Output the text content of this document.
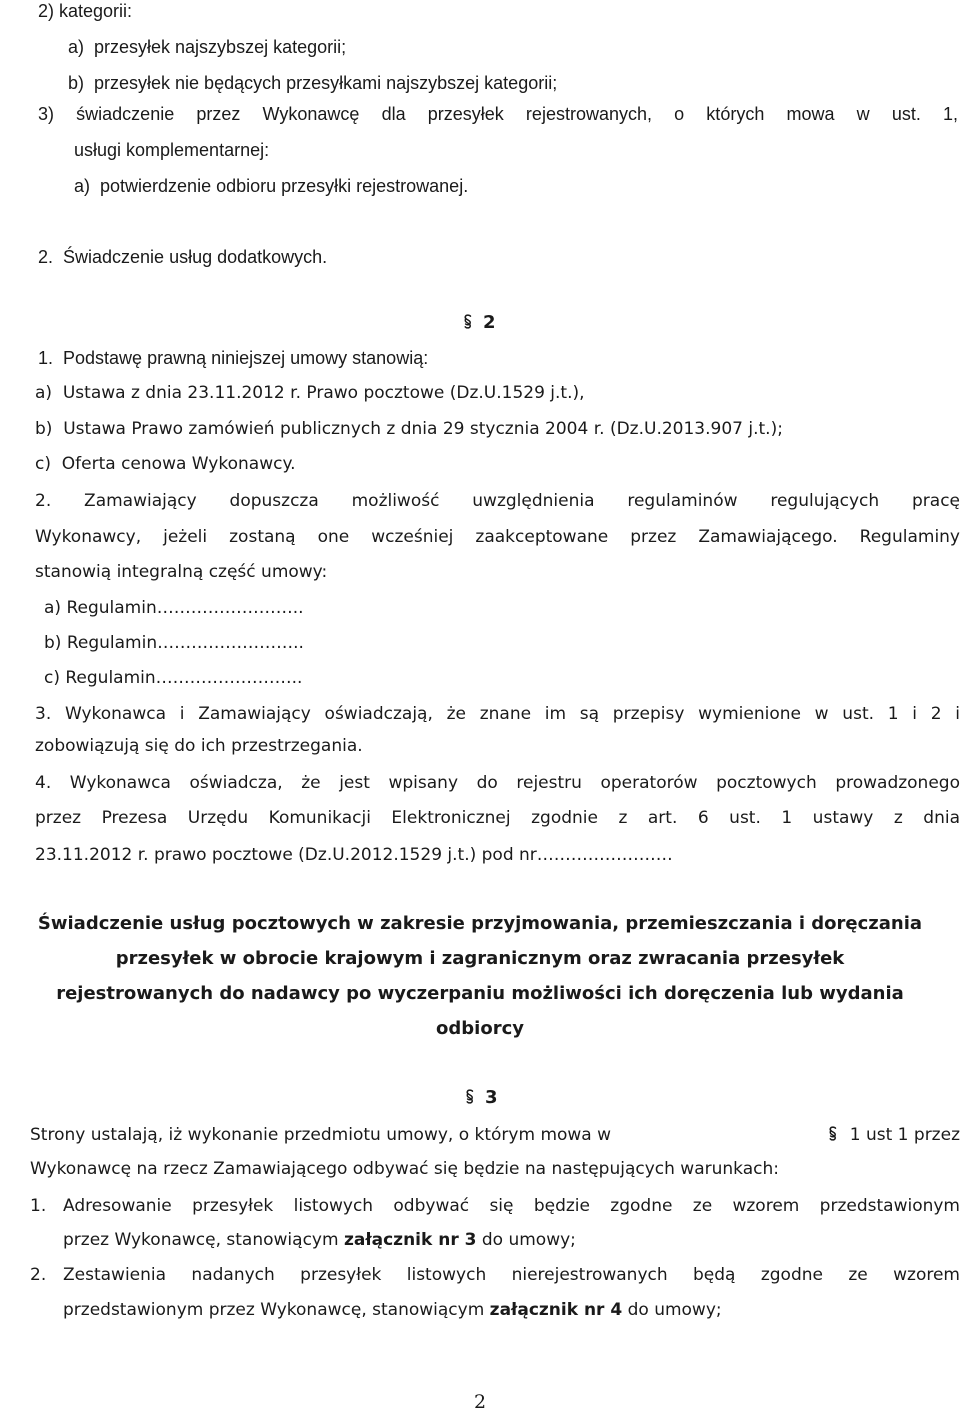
2) kategorii:
a)  przesyłek najszybszej kategorii;
b)  przesyłek nie będących przesyłkami najszybszej kategorii;
3) świadczenie przez Wykonawcę dla przesyłek rejestrowanych, o których mowa w ust. 1,
usługi komplementarnej:
a)  potwierdzenie odbioru przesyłki rejestrowanej.
2.  Świadczenie usług dodatkowych.
2
1.  Podstawę prawną niniejszej umowy stanowią:
a)  Ustawa z dnia 23.11.2012 r. Prawo pocztowe (Dz.U.1529 j.t.),
b)  Ustawa Prawo zamówień publicznych z dnia 29 stycznia 2004 r. (Dz.U.2013.907 j.t.);
c)  Oferta cenowa Wykonawcy.
2. Zamawiający dopuszcza możliwość uwzględnienia regulaminów regulujących pracę
Wykonawcy, jeżeli zostaną one wcześniej zaakceptowane przez Zamawiającego. Regulaminy
stanowią integralną część umowy:
a) Regulamin……………………..
b) Regulamin……………………..
c) Regulamin……………………..
3. Wykonawca i Zamawiający oświadczają, że znane im są przepisy wymienione w ust. 1 i 2 i
zobowiązują się do ich przestrzegania.
4. Wykonawca oświadcza, że jest wpisany do rejestru operatorów pocztowych prowadzonego
przez Prezesa Urzędu Komunikacji Elektronicznej zgodnie z art. 6 ust. 1 ustawy z dnia
23.11.2012 r. prawo pocztowe (Dz.U.2012.1529 j.t.) pod nr……………………
Świadczenie usług pocztowych w zakresie przyjmowania, przemieszczania i doręczania
przesyłek w obrocie krajowym i zagranicznym oraz zwracania przesyłek
rejestrowanych do nadawcy po wyczerpaniu możliwości ich doręczenia lub wydania
odbiorcy
3
Strony ustalają, iż wykonanie przedmiotu umowy, o którym mowa w	1 ust 1 przez
Wykonawcę na rzecz Zamawiającego odbywać się będzie na następujących warunkach:
1. Adresowanie przesyłek listowych odbywać się będzie zgodne ze wzorem przedstawionym
przez Wykonawcę, stanowiącym załącznik nr 3 do umowy;
2. Zestawienia nadanych przesyłek listowych nierejestrowanych będą zgodne ze wzorem
przedstawionym przez Wykonawcę, stanowiącym załącznik nr 4 do umowy;
2
